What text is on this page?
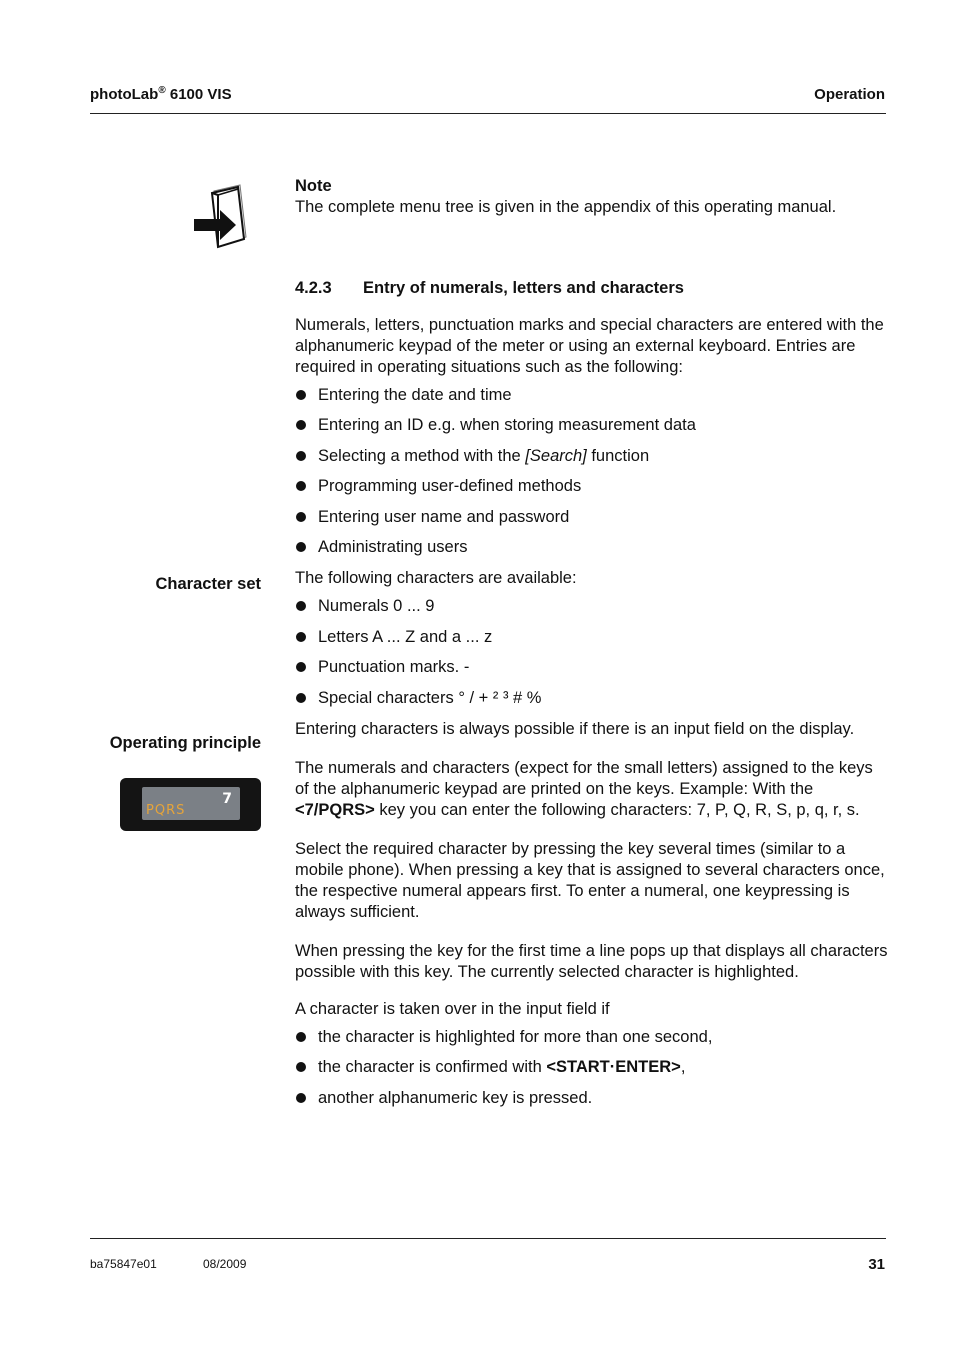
photoLab® 6100 VIS	Operation
7
PQRS
Character set
Operating principle

Note

The complete menu tree is given in the appendix of this operating manual.

4.2.3	Entry of numerals, letters and characters

Numerals, letters, punctuation marks and special characters are entered with the alphanumeric keypad of the meter or using an external keyboard. Entries are required in operating situations such as the following:

Entering the date and time
Entering an ID e.g. when storing measurement data
Selecting a method with the [Search] function
Programming user-defined methods
Entering user name and password
Administrating users

The following characters are available:

Numerals 0 ... 9
Letters A ... Z and a ... z
Punctuation marks. -
Special characters ° / + ² ³ # %

Entering characters is always possible if there is an input field on the display.

The numerals and characters (expect for the small letters) assigned to the keys of the alphanumeric keypad are printed on the keys. Example: With the <7/PQRS> key you can enter the following characters: 7, P, Q, R, S, p, q, r, s.

Select the required character by pressing the key several times (similar to a mobile phone). When pressing a key that is assigned to several characters once, the respective numeral appears first. To enter a numeral, one keypressing is always sufficient.

When pressing the key for the first time a line pops up that displays all characters possible with this key. The currently selected character is highlighted.

A character is taken over in the input field if

the character is highlighted for more than one second,
the character is confirmed with <START·ENTER>,
another alphanumeric key is pressed.
ba75847e01	08/2009	31
